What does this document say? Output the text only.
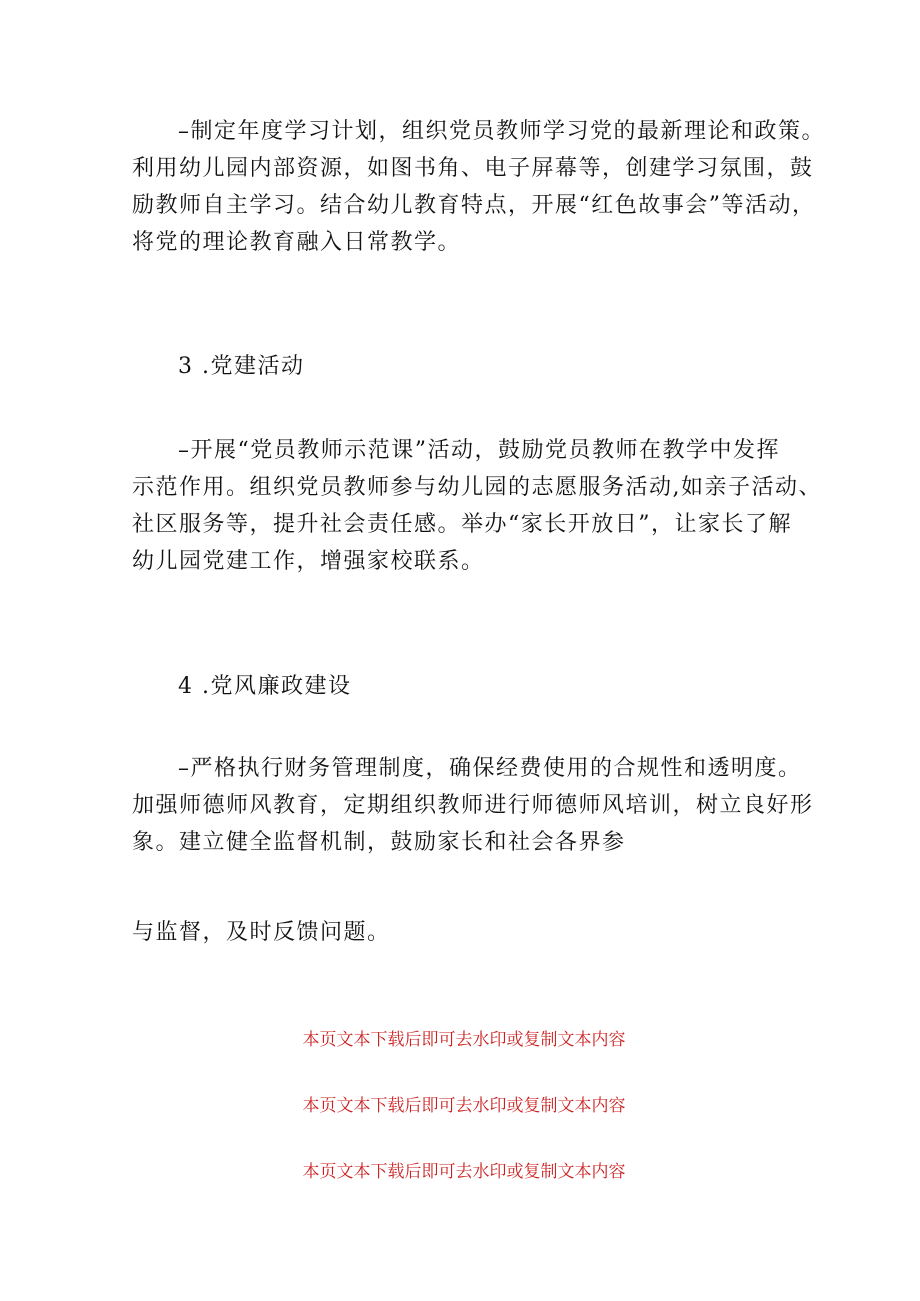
–制定年度学习计划，组织党员教师学习党的最新理论和政策。
利用幼儿园内部资源，如图书角、电子屏幕等，创建学习氛围，鼓
励教师自主学习。结合幼儿教育特点，开展“红色故事会”等活动，
将党的理论教育融入日常教学。

3 .党建活动

–开展“党员教师示范课”活动，鼓励党员教师在教学中发挥
示范作用。组织党员教师参与幼儿园的志愿服务活动,如亲子活动、
社区服务等，提升社会责任感。举办“家长开放日”，让家长了解
幼儿园党建工作，增强家校联系。

4 .党风廉政建设

–严格执行财务管理制度，确保经费使用的合规性和透明度。
加强师德师风教育，定期组织教师进行师德师风培训，树立良好形
象。建立健全监督机制，鼓励家长和社会各界参
与监督，及时反馈问题。

本页文本下载后即可去水印或复制文本内容

本页文本下载后即可去水印或复制文本内容

本页文本下载后即可去水印或复制文本内容
